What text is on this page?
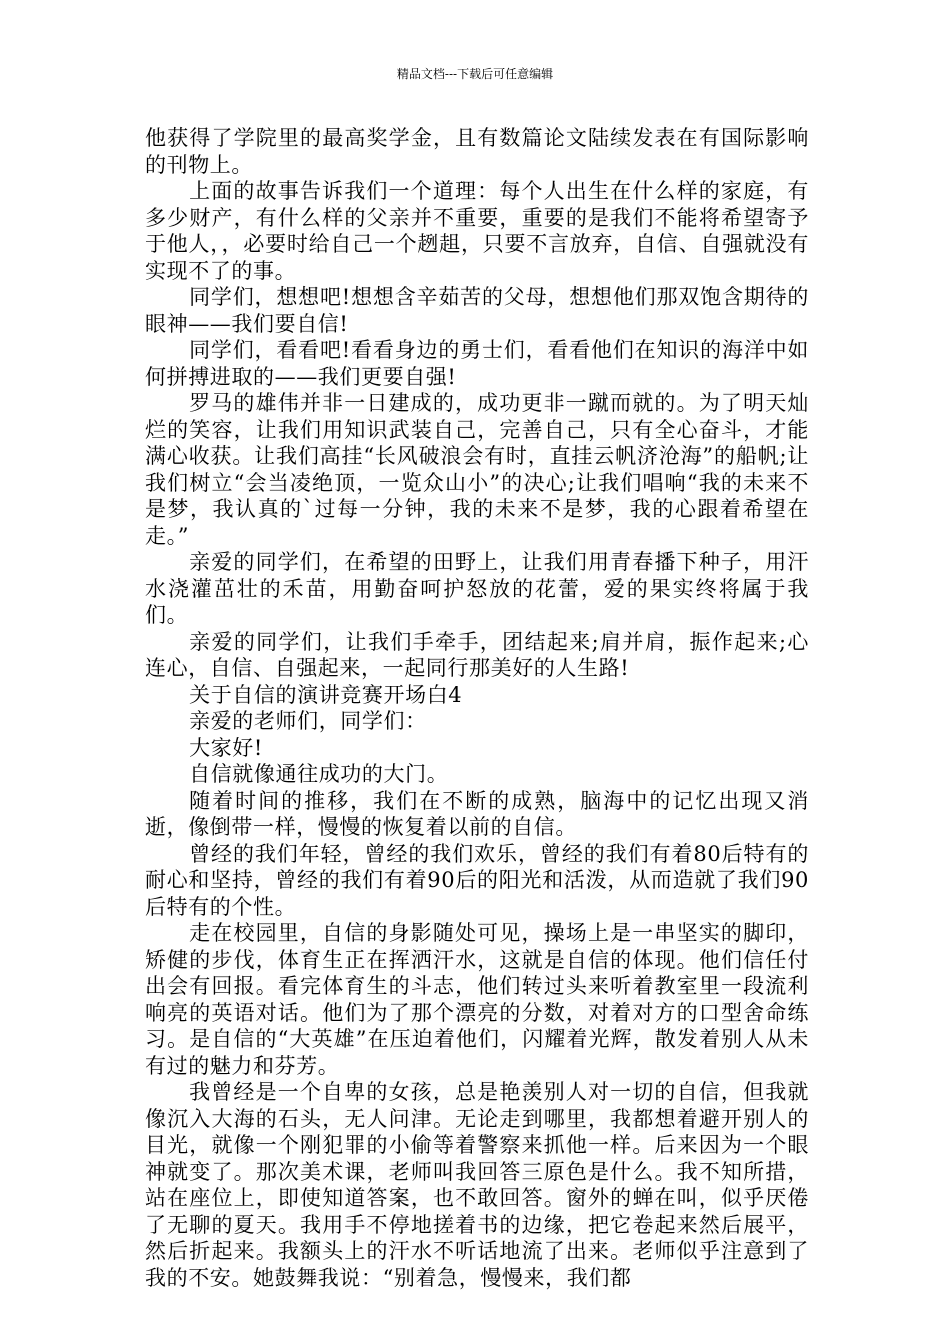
精品文档---下载后可任意编辑

他获得了学院里的最高奖学金，且有数篇论文陆续发表在有国际影响的刊物上。

上面的故事告诉我们一个道理：每个人出生在什么样的家庭，有多少财产，有什么样的父亲并不重要，重要的是我们不能将希望寄予于他人，，必要时给自己一个趔趄，只要不言放弃，自信、自强就没有实现不了的事。

同学们，想想吧!想想含辛茹苦的父母，想想他们那双饱含期待的眼神——我们要自信!

同学们，看看吧!看看身边的勇士们，看看他们在知识的海洋中如何拼搏进取的——我们更要自强!

罗马的雄伟并非一日建成的，成功更非一蹴而就的。为了明天灿烂的笑容，让我们用知识武装自己，完善自己，只有全心奋斗，才能满心收获。让我们高挂“长风破浪会有时，直挂云帆济沧海”的船帆;让我们树立“会当凌绝顶，一览众山小”的决心;让我们唱响“我的未来不是梦，我认真的`过每一分钟，我的未来不是梦，我的心跟着希望在走。”

亲爱的同学们，在希望的田野上，让我们用青春播下种子，用汗水浇灌茁壮的禾苗，用勤奋呵护怒放的花蕾，爱的果实终将属于我们。

亲爱的同学们，让我们手牵手，团结起来;肩并肩，振作起来;心连心，自信、自强起来，一起同行那美好的人生路!

关于自信的演讲竞赛开场白4

亲爱的老师们，同学们：

大家好!

自信就像通往成功的大门。

随着时间的推移，我们在不断的成熟，脑海中的记忆出现又消逝，像倒带一样，慢慢的恢复着以前的自信。

曾经的我们年轻，曾经的我们欢乐，曾经的我们有着80后特有的耐心和坚持，曾经的我们有着90后的阳光和活泼，从而造就了我们90后特有的个性。

走在校园里，自信的身影随处可见，操场上是一串坚实的脚印，矫健的步伐，体育生正在挥洒汗水，这就是自信的体现。他们信任付出会有回报。看完体育生的斗志，他们转过头来听着教室里一段流利响亮的英语对话。他们为了那个漂亮的分数，对着对方的口型舍命练习。是自信的“大英雄”在压迫着他们，闪耀着光辉，散发着别人从未有过的魅力和芬芳。

我曾经是一个自卑的女孩，总是艳羡别人对一切的自信，但我就像沉入大海的石头，无人问津。无论走到哪里，我都想着避开别人的目光，就像一个刚犯罪的小偷等着警察来抓他一样。后来因为一个眼神就变了。那次美术课，老师叫我回答三原色是什么。我不知所措，站在座位上，即使知道答案，也不敢回答。窗外的蝉在叫，似乎厌倦了无聊的夏天。我用手不停地搓着书的边缘，把它卷起来然后展平，然后折起来。我额头上的汗水不听话地流了出来。老师似乎注意到了我的不安。她鼓舞我说：“别着急，慢慢来，我们都
